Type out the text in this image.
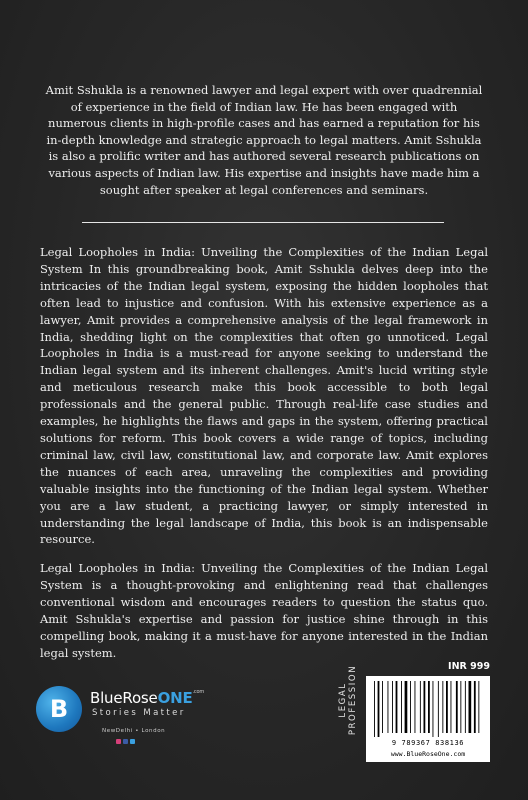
Amit Sshukla is a renowned lawyer and legal expert with over quadrennial of experience in the field of Indian law. He has been engaged with numerous clients in high-profile cases and has earned a reputation for his in-depth knowledge and strategic approach to legal matters. Amit Sshukla is also a prolific writer and has authored several research publications on various aspects of Indian law. His expertise and insights have made him a sought after speaker at legal conferences and seminars.

Legal Loopholes in India: Unveiling the Complexities of the Indian Legal System In this groundbreaking book, Amit Sshukla delves deep into the intricacies of the Indian legal system, exposing the hidden loopholes that often lead to injustice and confusion. With his extensive experience as a lawyer, Amit provides a comprehensive analysis of the legal framework in India, shedding light on the complexities that often go unnoticed. Legal Loopholes in India is a must-read for anyone seeking to understand the Indian legal system and its inherent challenges. Amit's lucid writing style and meticulous research make this book accessible to both legal professionals and the general public. Through real-life case studies and examples, he highlights the flaws and gaps in the system, offering practical solutions for reform. This book covers a wide range of topics, including criminal law, civil law, constitutional law, and corporate law. Amit explores the nuances of each area, unraveling the complexities and providing valuable insights into the functioning of the Indian legal system. Whether you are a law student, a practicing lawyer, or simply interested in understanding the legal landscape of India, this book is an indispensable resource.

Legal Loopholes in India: Unveiling the Complexities of the Indian Legal System is a thought-provoking and enlightening read that challenges conventional wisdom and encourages readers to question the status quo. Amit Sshukla's expertise and passion for justice shine through in this compelling book, making it a must-have for anyone interested in the Indian legal system.

B BlueRoseONE$^{.com}$
Stories Matter
NewDelhi • London
LEGAL PROFESSION	INR 999
9 789367 838136
www.BlueRoseOne.com
